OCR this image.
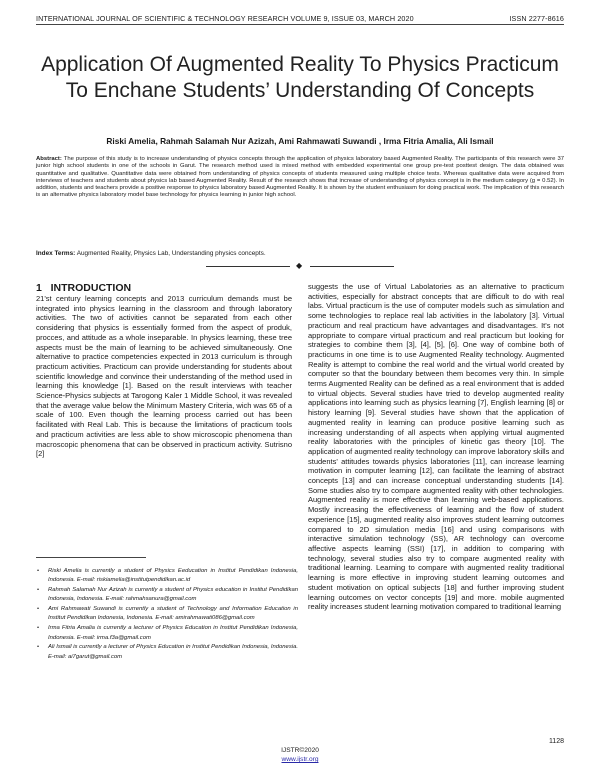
INTERNATIONAL JOURNAL OF SCIENTIFIC & TECHNOLOGY RESEARCH VOLUME 9, ISSUE 03, MARCH 2020	ISSN 2277-8616
Application Of Augmented Reality To Physics Practicum To Enchane Students’ Understanding Of Concepts
Riski Amelia, Rahmah Salamah Nur Azizah, Ami Rahmawati Suwandi , Irma Fitria Amalia, Ali Ismail
Abstract: The purpose of this study is to increase understanding of physics concepts through the application of physics laboratory based Augmented Reality. The participants of this research were 37 junior high school students in one of the schools in Garut. The research method used is mixed method with embedded experimental one group pre-test posttest design. The data obtained was quantitative and qualitative. Quantitative data were obtained from understanding of physics concepts of students measured using multiple choice tests. Whereas qualitative data were acquired from interviews of teachers and students about physics lab based Augmented Reality. Result of the research shows that increase of understanding of physics concept is in the medium category (g = 0.52). In addition, students and teachers provide a positive response to physics laboratory based Augmented Reality. It is shown by the student enthusiasm for doing practical work. The implication of this research is an alternative physics laboratory model base technology for physics learning in junior high school.
Index Terms: Augmented Reality, Physics Lab, Understanding physics concepts.
◆
1 INTRODUCTION
21'st century learning concepts and 2013 curriculum demands must be integrated into physics learning in the classroom and through laboratory activities. The two of activities cannot be separated from each other considering that physics is essentially formed from the aspect of produk, procces, and attitude as a whole inseparable. In physics learning, these tree aspects must be the main of learning to be achieved simultaneously. One alternative to practice competencies expected in 2013 curriculum is through practicum activities. Practicum can provide understanding for students about scientific knowledge and convince their understanding of the method used in learning this knowledge [1]. Based on the result interviews with teacher Science-Physics subjects at Tarogong Kaler 1 Middle School, it was revealed that the average value below the Minimum Mastery Criteria, wich was 65 of a scale of 100. Even though the learning process carried out has been facilitated with Real Lab. This is because the limitations of practicum tools and practicum activities are less able to show microscopic phenomena than macroscopic phenomena that can be observed in practicum activity. Sutrisno [2]
• Riski Amelia is currently a student of Physics Eeducation in Institut Pendidikan Indonesia, Indonesia. E-mail: riskiamelia@institutpendidikan.ac.id
• Rahmah Salamah Nur Azizah is currently a student of Physics education in Institut Pendidikan Indonesia, Indonesia. E-mail: rahmahsanura@gmail.com
• Ami Rahmawati Suwandi is currently a student of Technology and Information Education in Institut Pendidikan Indonesia, Indonesia. E-mail: amirahmawati086@gmail.com
• Irma Fitria Amalia is currently a lecturer of Physics Education in Institut Pendidikan Indonesia, Indonesia. E-mail: irma.f3a@gmail.com
• Ali Ismail is currently a lecturer of Physics Education in Institut Pendidikan Indonesia, Indonesia. E-mail: ai7garut@gmail.com
suggests the use of Virtual Labolatories as an alternative to practicum activities, especially for abstract concepts that are difficult to do with real labs. Virtual practicum is the use of computer models such as simulation and some technologies to replace real lab activities in the labolatory [3]. Virtual practicum and real practicum have advantages and disadvantages. It's not appropriate to compare virtual practicum and real practicum but looking for strategies to combine them [3], [4], [5], [6]. One way of combine both of practicums in one time is to use Augmented Reality technology. Augmented Reality is attempt to combine the real world and the virtual world created by computer so that the boundary between them becomes very thin. In simple terms Augmented Reality can be defined as a real environment that is added to virtual objects. Several studies have tried to develop augmented reality applications into learning such as physics learning [7], English learning [8] or history learning [9]. Several studies have shown that the application of augmented reality in learning can produce positive learning such as increasing understanding of all aspects when applying virtual augmented reality laboratories with the principles of kinetic gas theory [10]. The application of augmented reality technology can improve laboratory skills and students' attitudes towards physics laboratories [11], can increase learning motivation in computer learning [12], can facilitate the learning of abstract concepts [13] and can increase conceptual understanding students [14]. Some studies also try to compare augmented reality with other technologies. Augmented reality is more effective than learning web-based applications. Mostly increasing the effectiveness of learning and the flow of student experience [15], augmented reality also improves student learning outcomes compared to 2D simulation media [16] and using comparisons with interactive simulation technology (SS), AR technology can overcome affective aspects learning (SSI) [17], in addition to comparing with technology, several studies also try to compare augmented reality with traditional learning. Learning to compare with augmented reality traditional learning is more effective in improving student learning outcomes and student motivation on optical subjects [18] and further improving student learning outcomes on vector concepts [19] and more. mobile augmented reality increases student learning motivation compared to traditional learning
1128
IJSTR©2020
www.ijstr.org
